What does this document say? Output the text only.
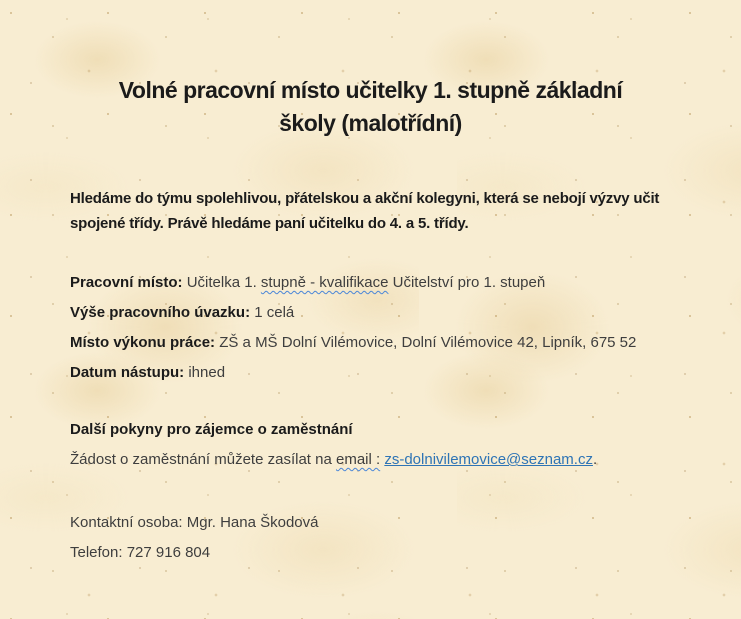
Volné pracovní místo učitelky 1. stupně základní
školy (malotřídní)

Hledáme do týmu spolehlivou, přátelskou a akční kolegyni, která se nebojí výzvy učit
spojené třídy. Právě hledáme paní učitelku do 4. a 5. třídy.

Pracovní místo: Učitelka 1. stupně - kvalifikace Učitelství pro 1. stupeň

Výše pracovního úvazku: 1 celá

Místo výkonu práce: ZŠ a MŠ Dolní Vilémovice, Dolní Vilémovice 42, Lipník, 675 52

Datum nástupu: ihned

Další pokyny pro zájemce o zaměstnání

Žádost o zaměstnání můžete zasílat na email : zs-dolnivilemovice@seznam.cz.

Kontaktní osoba: Mgr. Hana Škodová

Telefon: 727 916 804
